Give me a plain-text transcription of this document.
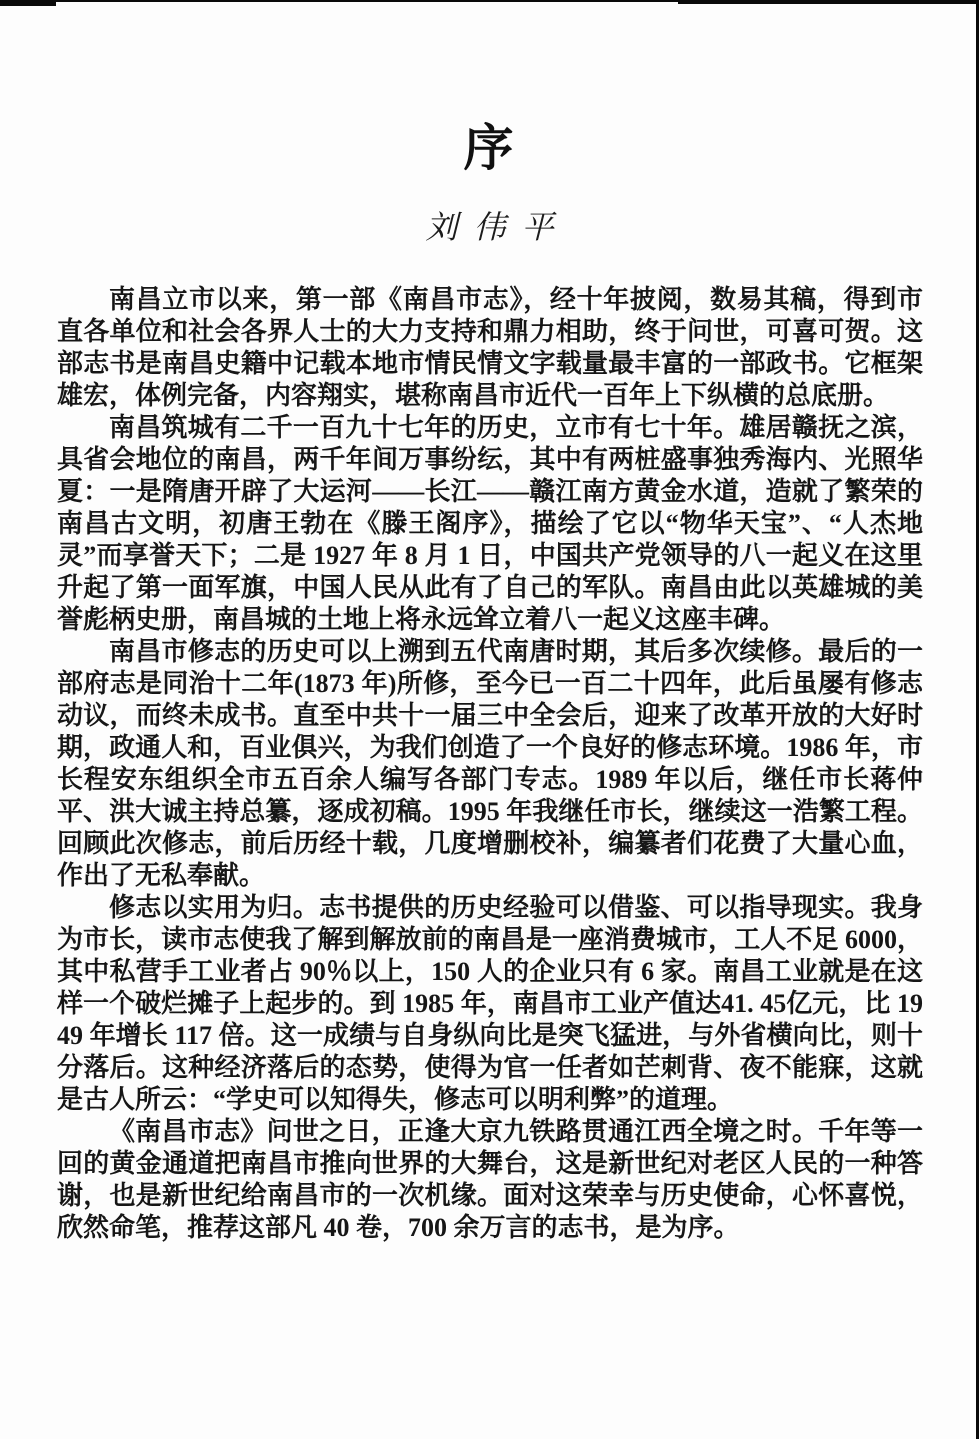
序
刘伟平

南昌立市以来，第一部《南昌市志》，经十年披阅，数易其稿，得到市直各单位和社会各界人士的大力支持和鼎力相助，终于问世，可喜可贺。这部志书是南昌史籍中记载本地市情民情文字载量最丰富的一部政书。它框架雄宏，体例完备，内容翔实，堪称南昌市近代一百年上下纵横的总底册。

南昌筑城有二千一百九十七年的历史，立市有七十年。雄居赣抚之滨，具省会地位的南昌，两千年间万事纷纭，其中有两桩盛事独秀海内、光照华夏：一是隋唐开辟了大运河——长江——赣江南方黄金水道，造就了繁荣的南昌古文明，初唐王勃在《滕王阁序》，描绘了它以“物华天宝”、“人杰地灵”而享誉天下；二是 1927 年 8 月 1 日，中国共产党领导的八一起义在这里升起了第一面军旗，中国人民从此有了自己的军队。南昌由此以英雄城的美誉彪柄史册，南昌城的土地上将永远耸立着八一起义这座丰碑。

南昌市修志的历史可以上溯到五代南唐时期，其后多次续修。最后的一部府志是同治十二年(1873 年)所修，至今已一百二十四年，此后虽屡有修志动议，而终未成书。直至中共十一届三中全会后，迎来了改革开放的大好时期，政通人和，百业俱兴，为我们创造了一个良好的修志环境。1986 年，市长程安东组织全市五百余人编写各部门专志。1989 年以后，继任市长蒋仲平、洪大诚主持总纂，逐成初稿。1995 年我继任市长，继续这一浩繁工程。回顾此次修志，前后历经十载，几度增删校补，编纂者们花费了大量心血，作出了无私奉献。

修志以实用为归。志书提供的历史经验可以借鉴、可以指导现实。我身为市长，读市志使我了解到解放前的南昌是一座消费城市，工人不足 6000，其中私营手工业者占 90％以上，150 人的企业只有 6 家。南昌工业就是在这样一个破烂摊子上起步的。到 1985 年，南昌市工业产值达41. 45亿元，比 1949 年增长 117 倍。这一成绩与自身纵向比是突飞猛进，与外省横向比，则十分落后。这种经济落后的态势，使得为官一任者如芒刺背、夜不能寐，这就是古人所云：“学史可以知得失，修志可以明利弊”的道理。

《南昌市志》问世之日，正逢大京九铁路贯通江西全境之时。千年等一回的黄金通道把南昌市推向世界的大舞台，这是新世纪对老区人民的一种答谢，也是新世纪给南昌市的一次机缘。面对这荣幸与历史使命，心怀喜悦，欣然命笔，推荐这部凡 40 卷，700 余万言的志书，是为序。
